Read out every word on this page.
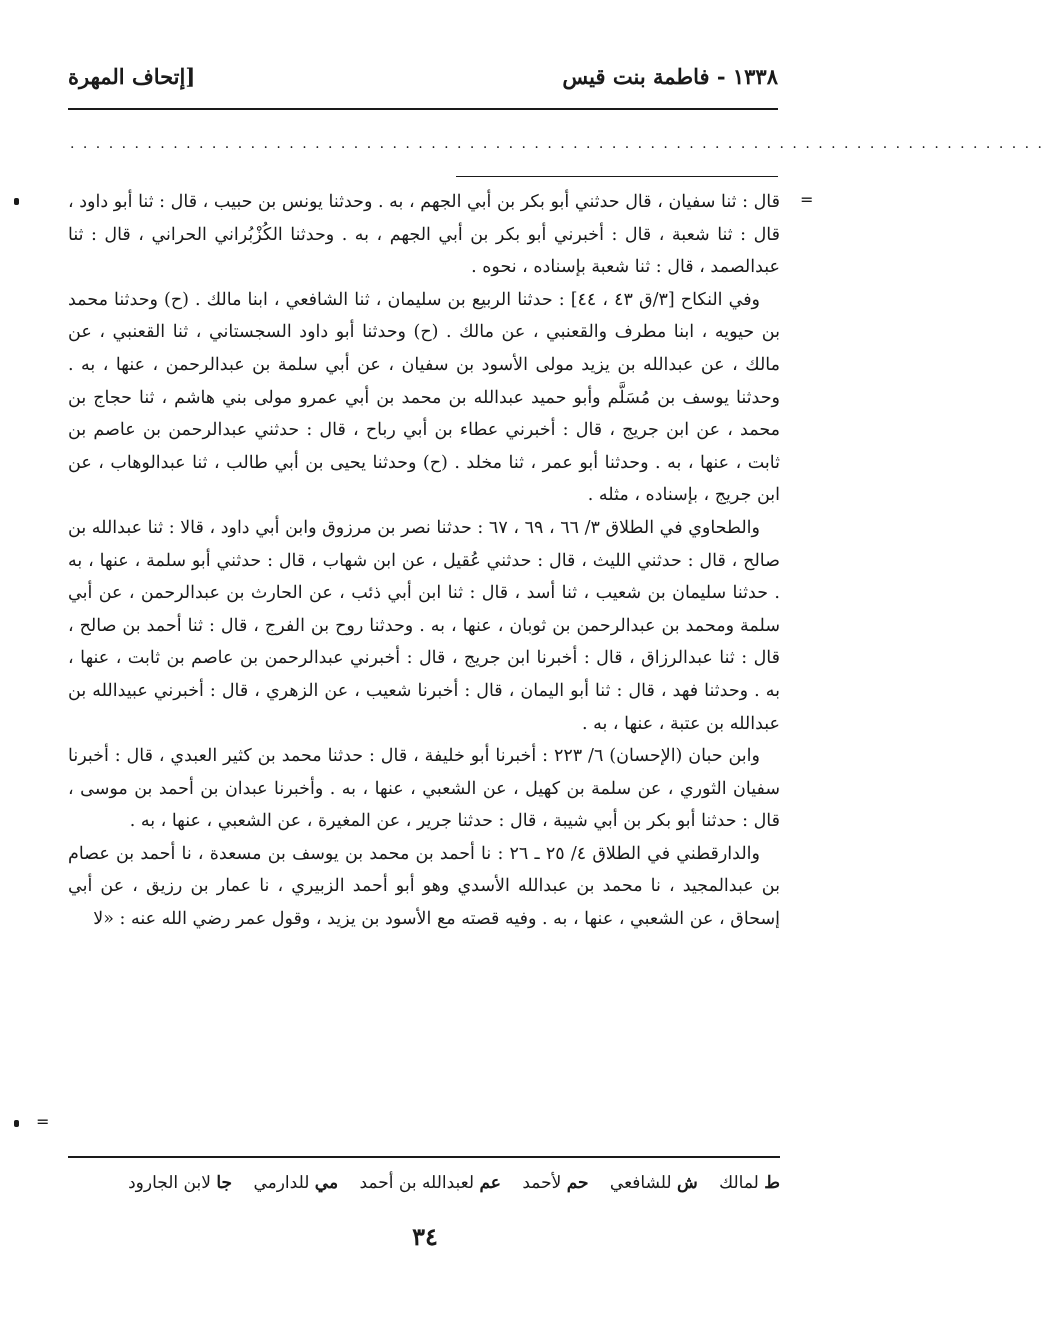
١٣٣٨ - فاطمة بنت قيس
[إتحاف المهرة
. . . . . . . . . . . . . . . . . . . . . . . . . . . . . . . . . . . . . . . . . . . . . . . . . . . . . . . . . . . . . . . . . . . . . . . . . . . .
=

قال : ثنا سفيان ، قال حدثني أبو بكر بن أبي الجهم ، به . وحدثنا يونس بن حبيب ، قال : ثنا أبو داود ، قال : ثنا شعبة ، قال : أخبرني أبو بكر بن أبي الجهم ، به . وحدثنا الكُزْبُراني الحراني ، قال : ثنا عبدالصمد ، قال : ثنا شعبة بإسناده ، نحوه .

وفي النكاح [٣/ق ٤٣ ، ٤٤] : حدثنا الربيع بن سليمان ، ثنا الشافعي ، ابنا مالك . (ح) وحدثنا محمد بن حيويه ، ابنا مطرف والقعنبي ، عن مالك . (ح) وحدثنا أبو داود السجستاني ، ثنا القعنبي ، عن مالك ، عن عبدالله بن يزيد مولى الأسود بن سفيان ، عن أبي سلمة بن عبدالرحمن ، عنها ، به . وحدثنا يوسف بن مُسَلَّم وأبو حميد عبدالله بن محمد بن أبي عمرو مولى بني هاشم ، ثنا حجاج بن محمد ، عن ابن جريج ، قال : أخبرني عطاء بن أبي رباح ، قال : حدثني عبدالرحمن بن عاصم بن ثابت ، عنها ، به . وحدثنا أبو عمر ، ثنا مخلد . (ح) وحدثنا يحيى بن أبي طالب ، ثنا عبدالوهاب ، عن ابن جريج ، بإسناده ، مثله .

والطحاوي في الطلاق ٣/ ٦٦ ، ٦٩ ، ٦٧ : حدثنا نصر بن مرزوق وابن أبي داود ، قالا : ثنا عبدالله بن صالح ، قال : حدثني الليث ، قال : حدثني عُقيل ، عن ابن شهاب ، قال : حدثني أبو سلمة ، عنها ، به . حدثنا سليمان بن شعيب ، ثنا أسد ، قال : ثنا ابن أبي ذئب ، عن الحارث بن عبدالرحمن ، عن أبي سلمة ومحمد بن عبدالرحمن بن ثوبان ، عنها ، به . وحدثنا روح بن الفرج ، قال : ثنا أحمد بن صالح ، قال : ثنا عبدالرزاق ، قال : أخبرنا ابن جريج ، قال : أخبرني عبدالرحمن بن عاصم بن ثابت ، عنها ، به . وحدثنا فهد ، قال : ثنا أبو اليمان ، قال : أخبرنا شعيب ، عن الزهري ، قال : أخبرني عبيدالله بن عبدالله بن عتبة ، عنها ، به .

وابن حبان (الإحسان) ٦/ ٢٢٣ : أخبرنا أبو خليفة ، قال : حدثنا محمد بن كثير العبدي ، قال : أخبرنا سفيان الثوري ، عن سلمة بن كهيل ، عن الشعبي ، عنها ، به . وأخبرنا عبدان بن أحمد بن موسى ، قال : حدثنا أبو بكر بن أبي شيبة ، قال : حدثنا جرير ، عن المغيرة ، عن الشعبي ، عنها ، به .

والدارقطني في الطلاق ٤/ ٢٥ ـ ٢٦ : نا أحمد بن محمد بن يوسف بن مسعدة ، نا أحمد بن عصام بن عبدالمجيد ، نا محمد بن عبدالله الأسدي وهو أبو أحمد الزبيري ، نا عمار بن رزيق ، عن أبي إسحاق ، عن الشعبي ، عنها ، به . وفيه قصته مع الأسود بن يزيد ، وقول عمر رضي الله عنه : «لا

=
ط لمالك ش للشافعي حم لأحمد عم لعبدالله بن أحمد مي للدارمي جا لابن الجارود
٣٤
